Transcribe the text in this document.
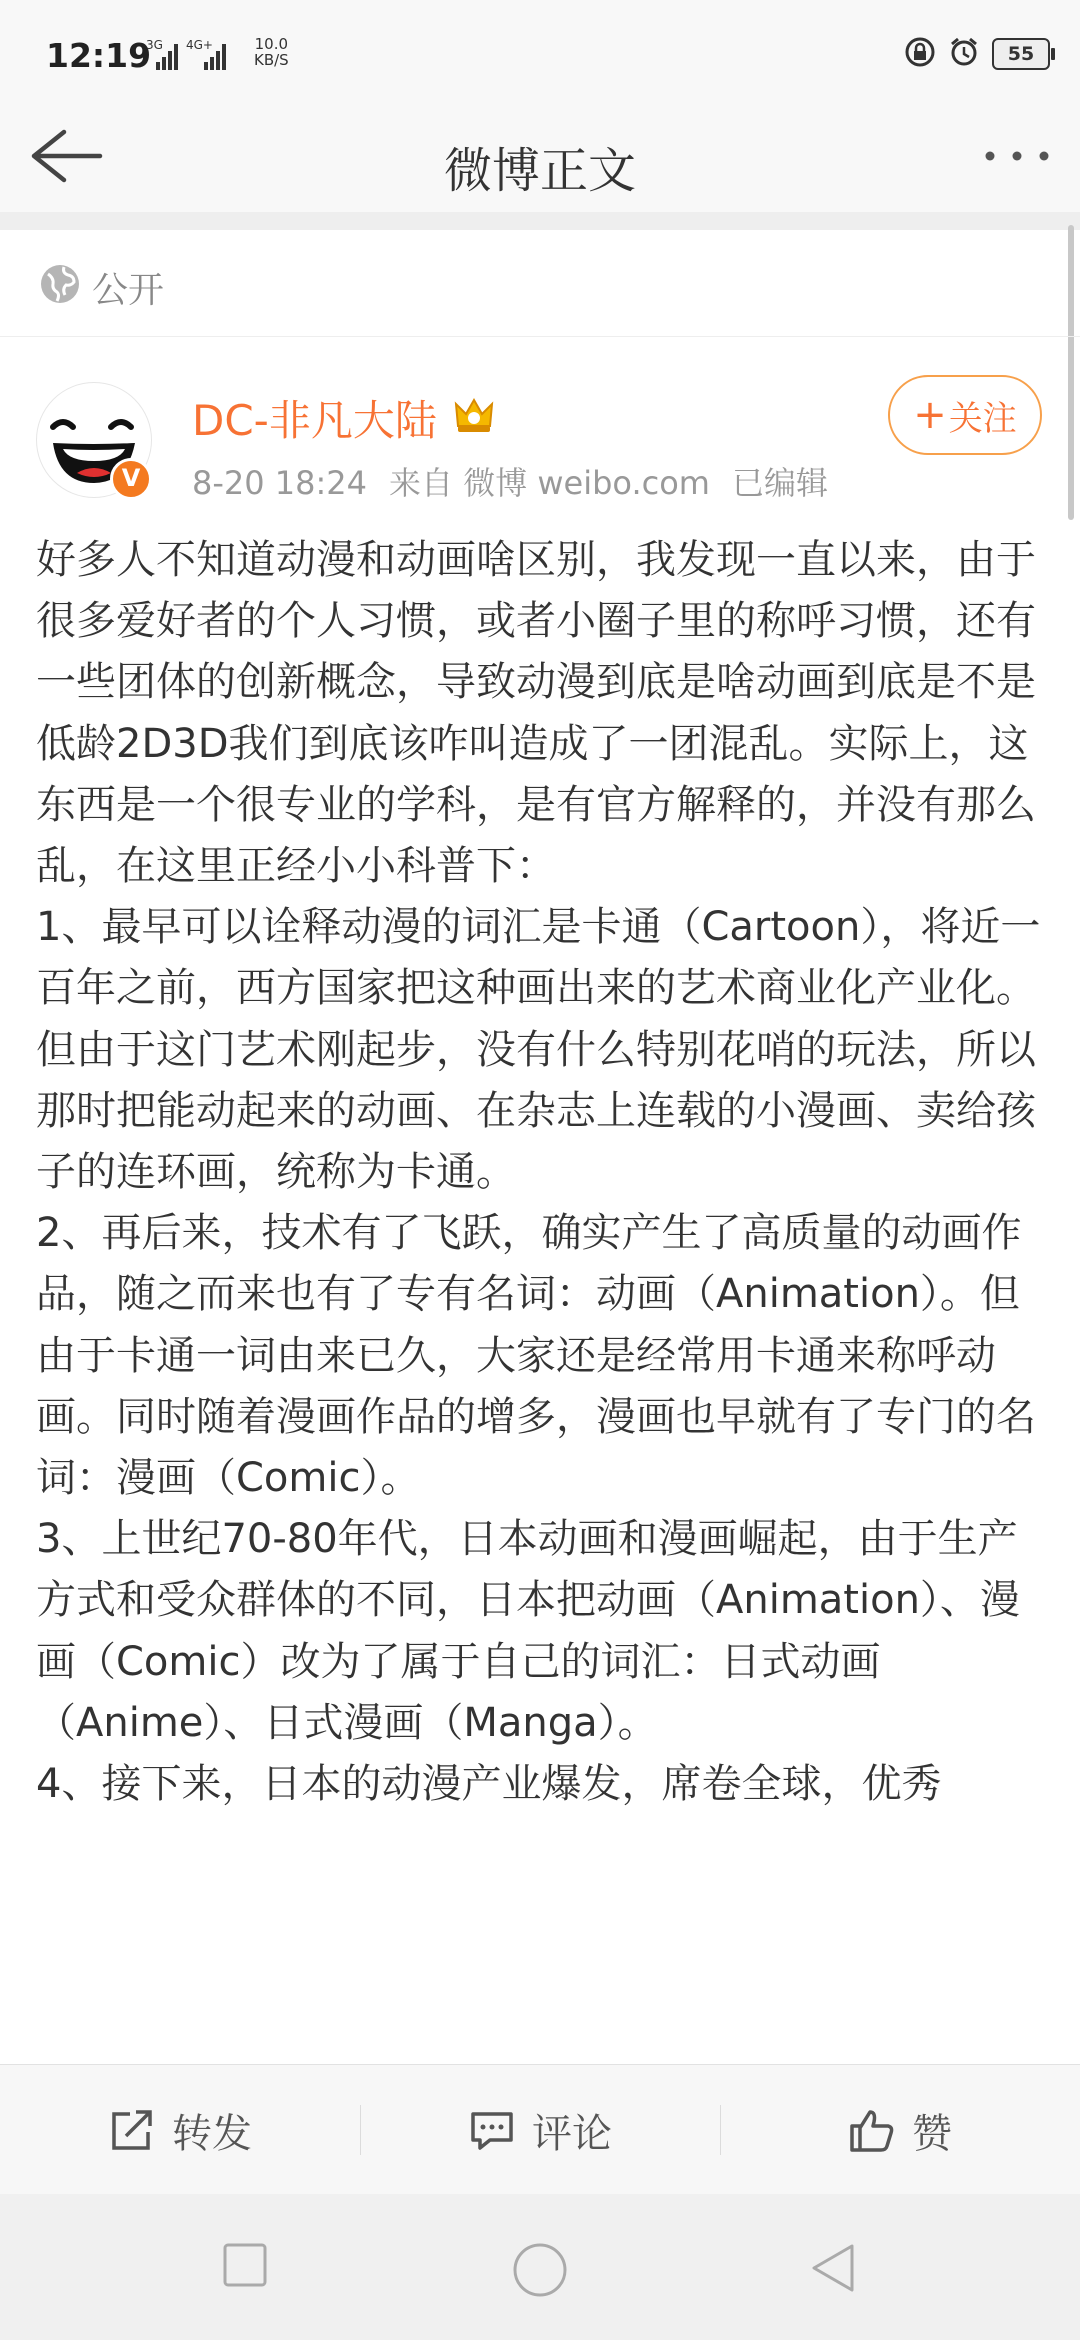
12:19
3G 4G+	10.0
KB/S	55
微博正文
公开
V
DC-非凡大陆
8-20 18:24 来自 微博 weibo.com 已编辑
+ 关注

好多人不知道动漫和动画啥区别，我发现一直以来，由于很多爱好者的个人习惯，或者小圈子里的称呼习惯，还有一些团体的创新概念，导致动漫到底是啥动画到底是不是低龄2D3D我们到底该咋叫造成了一团混乱。实际上，这东西是一个很专业的学科，是有官方解释的，并没有那么乱，在这里正经小小科普下：

1、最早可以诠释动漫的词汇是卡通（Cartoon），将近一百年之前，西方国家把这种画出来的艺术商业化产业化。但由于这门艺术刚起步，没有什么特别花哨的玩法，所以那时把能动起来的动画、在杂志上连载的小漫画、卖给孩子的连环画，统称为卡通。

2、再后来，技术有了飞跃，确实产生了高质量的动画作品，随之而来也有了专有名词：动画（Animation）。但由于卡通一词由来已久，大家还是经常用卡通来称呼动画。同时随着漫画作品的增多，漫画也早就有了专门的名词：漫画（Comic）。

3、上世纪70-80年代，日本动画和漫画崛起，由于生产方式和受众群体的不同，日本把动画（Animation）、漫画（Comic）改为了属于自己的词汇：日式动画（Anime）、日式漫画（Manga）。

4、接下来，日本的动漫产业爆发，席卷全球，优秀

转发	评论	赞
